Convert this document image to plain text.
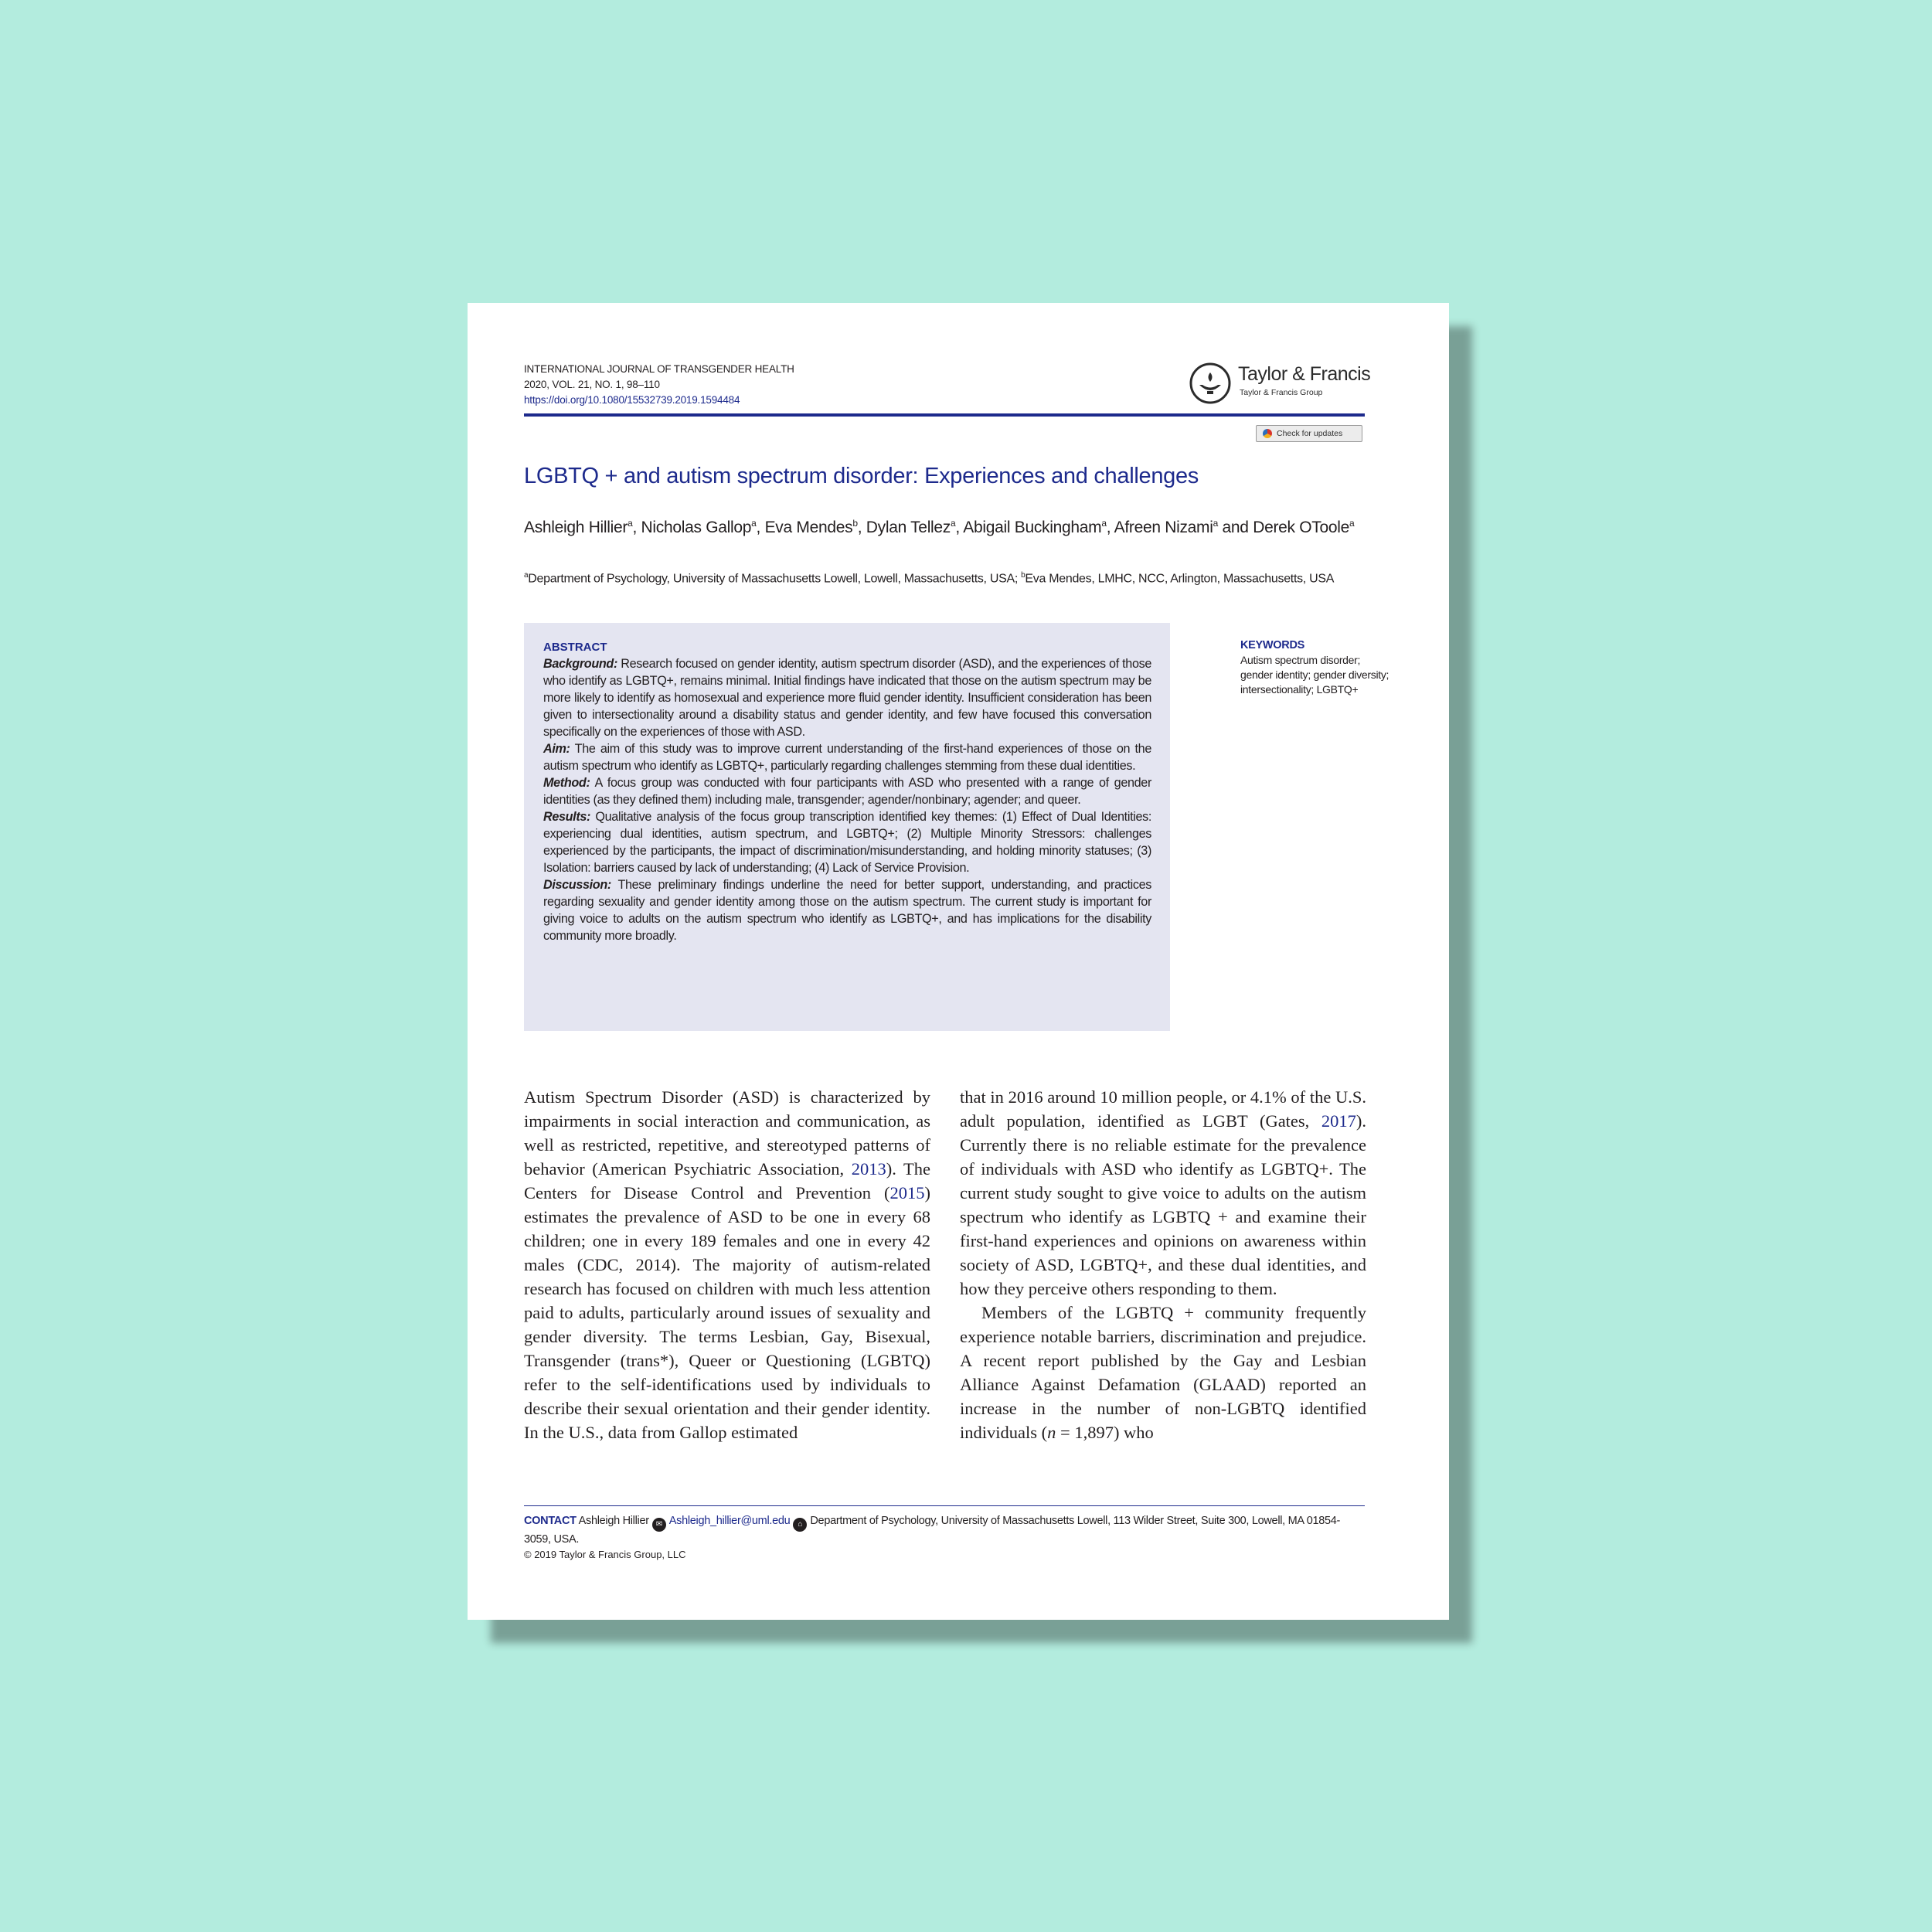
INTERNATIONAL JOURNAL OF TRANSGENDER HEALTH
2020, VOL. 21, NO. 1, 98–110
https://doi.org/10.1080/15532739.2019.1594484
Taylor & Francis
Taylor & Francis Group
Check for updates
LGBTQ + and autism spectrum disorder: Experiences and challenges
Ashleigh Hillier$^a$, Nicholas Gallop$^a$, Eva Mendes$^b$, Dylan Tellez$^a$, Abigail Buckingham$^a$, Afreen Nizami$^a$ and Derek OToole$^a$
$^a$Department of Psychology, University of Massachusetts Lowell, Lowell, Massachusetts, USA; $^b$Eva Mendes, LMHC, NCC, Arlington, Massachusetts, USA
ABSTRACT

Background: Research focused on gender identity, autism spectrum disorder (ASD), and the experiences of those who identify as LGBTQ+, remains minimal. Initial findings have indicated that those on the autism spectrum may be more likely to identify as homosexual and experience more fluid gender identity. Insufficient consideration has been given to intersectionality around a disability status and gender identity, and few have focused this conversation specifically on the experiences of those with ASD.

Aim: The aim of this study was to improve current understanding of the first-hand experiences of those on the autism spectrum who identify as LGBTQ+, particularly regarding challenges stemming from these dual identities.

Method: A focus group was conducted with four participants with ASD who presented with a range of gender identities (as they defined them) including male, transgender; agender/nonbinary; agender; and queer.

Results: Qualitative analysis of the focus group transcription identified key themes: (1) Effect of Dual Identities: experiencing dual identities, autism spectrum, and LGBTQ+; (2) Multiple Minority Stressors: challenges experienced by the participants, the impact of discrimination/misunderstanding, and holding minority statuses; (3) Isolation: barriers caused by lack of understanding; (4) Lack of Service Provision.

Discussion: These preliminary findings underline the need for better support, understanding, and practices regarding sexuality and gender identity among those on the autism spectrum. The current study is important for giving voice to adults on the autism spectrum who identify as LGBTQ+, and has implications for the disability community more broadly.

KEYWORDS
Autism spectrum disorder; gender identity; gender diversity; intersectionality; LGBTQ+

Autism Spectrum Disorder (ASD) is characterized by impairments in social interaction and communication, as well as restricted, repetitive, and stereotyped patterns of behavior (American Psychiatric Association, 2013). The Centers for Disease Control and Prevention (2015) estimates the prevalence of ASD to be one in every 68 children; one in every 189 females and one in every 42 males (CDC, 2014). The majority of autism-related research has focused on children with much less attention paid to adults, particularly around issues of sexuality and gender diversity. The terms Lesbian, Gay, Bisexual, Transgender (trans*), Queer or Questioning (LGBTQ) refer to the self-identifications used by individuals to describe their sexual orientation and their gender identity. In the U.S., data from Gallop estimated

that in 2016 around 10 million people, or 4.1% of the U.S. adult population, identified as LGBT (Gates, 2017). Currently there is no reliable estimate for the prevalence of individuals with ASD who identify as LGBTQ+. The current study sought to give voice to adults on the autism spectrum who identify as LGBTQ + and examine their first-hand experiences and opinions on awareness within society of ASD, LGBTQ+, and these dual identities, and how they perceive others responding to them.

Members of the LGBTQ + community frequently experience notable barriers, discrimination and prejudice. A recent report published by the Gay and Lesbian Alliance Against Defamation (GLAAD) reported an increase in the number of non-LGBTQ identified individuals (n = 1,897) who

CONTACT Ashleigh Hillier ✉ Ashleigh_hillier@uml.edu ⌂ Department of Psychology, University of Massachusetts Lowell, 113 Wilder Street, Suite 300, Lowell, MA 01854-3059, USA.
© 2019 Taylor & Francis Group, LLC
